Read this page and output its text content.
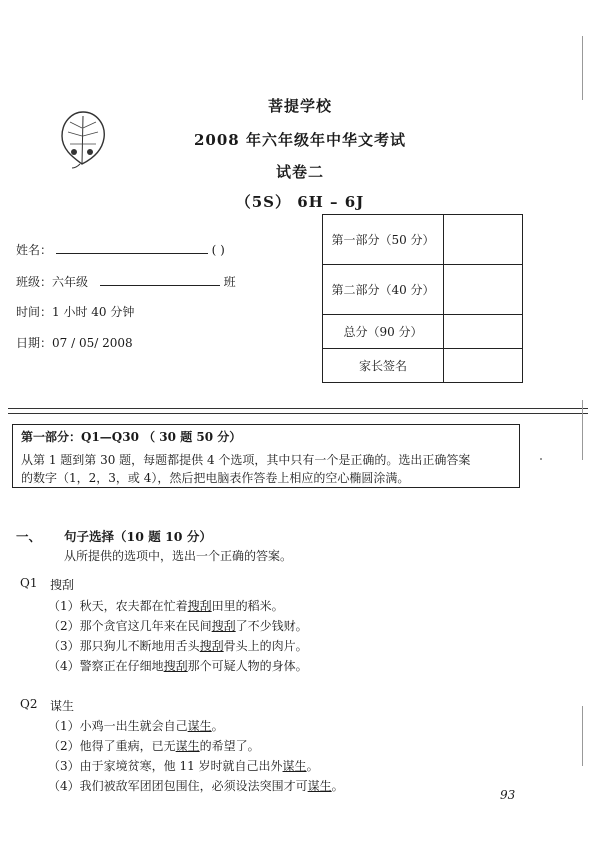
菩提学校
2008 年六年级年中华文考试
试卷二
（5S） 6H – 6J
姓名：	( )
班级：六年级	班
时间：1 小时 40 分钟
日期：07 / 05/ 2008
第一部分（50 分）	
第二部分（40 分）	
总分（90 分）	
家长签名	
第一部分：Q1—Q30 （ 30 题 50 分）
从第 1 题到第 30 题，每题都提供 4 个选项，其中只有一个是正确的。选出正确答案
的数字（1，2，3，或 4），然后把电脑表作答卷上相应的空心椭圆涂满。
一、 句子选择（10 题 10 分）
从所提供的选项中，选出一个正确的答案。
Q1 搜刮
（1）秋天，农夫都在忙着搜刮田里的稻米。
（2）那个贪官这几年来在民间搜刮了不少钱财。
（3）那只狗儿不断地用舌头搜刮骨头上的肉片。
（4）警察正在仔细地搜刮那个可疑人物的身体。
Q2 谋生
（1）小鸡一出生就会自己谋生。
（2）他得了重病，已无谋生的希望了。
（3）由于家境贫寒，他 11 岁时就自己出外谋生。
（4）我们被敌军团团包围住，必须设法突围才可谋生。
93
